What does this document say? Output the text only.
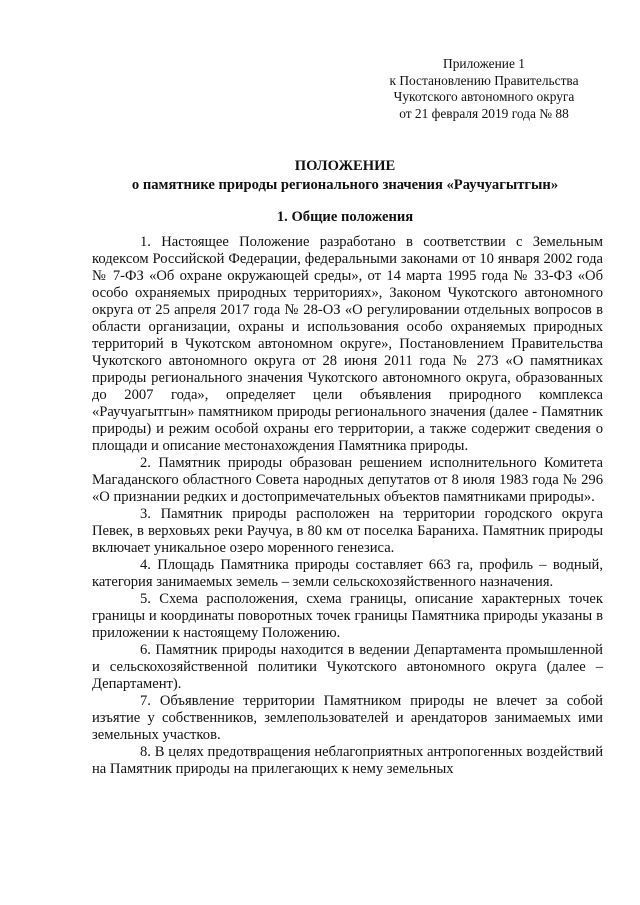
Приложение 1
к Постановлению Правительства
Чукотского автономного округа
от 21 февраля 2019 года № 88
ПОЛОЖЕНИЕ
о памятнике природы регионального значения «Раучуагытгын»
1. Общие положения

1. Настоящее Положение разработано в соответствии с Земельным кодексом Российской Федерации, федеральными законами от 10 января 2002 года № 7-ФЗ «Об охране окружающей среды», от 14 марта 1995 года № 33-ФЗ «Об особо охраняемых природных территориях», Законом Чукотского автономного округа от 25 апреля 2017 года № 28-ОЗ «О регулировании отдельных вопросов в области организации, охраны и использования особо охраняемых природных территорий в Чукотском автономном округе», Постановлением Правительства Чукотского автономного округа от 28 июня 2011 года № 273 «О памятниках природы регионального значения Чукотского автономного округа, образованных до 2007 года», определяет цели объявления природного комплекса «Раучуагытгын» памятником природы регионального значения (далее - Памятник природы) и режим особой охраны его территории, а также содержит сведения о площади и описание местонахождения Памятника природы.

2. Памятник природы образован решением исполнительного Комитета Магаданского областного Совета народных депутатов от 8 июля 1983 года № 296 «О признании редких и достопримечательных объектов памятниками природы».

3. Памятник природы расположен на территории городского округа Певек, в верховьях реки Раучуа, в 80 км от поселка Бараниха. Памятник природы включает уникальное озеро моренного генезиса.

4. Площадь Памятника природы составляет 663 га, профиль – водный, категория занимаемых земель – земли сельскохозяйственного назначения.

5. Схема расположения, схема границы, описание характерных точек границы и координаты поворотных точек границы Памятника природы указаны в приложении к настоящему Положению.

6. Памятник природы находится в ведении Департамента промышленной и сельскохозяйственной политики Чукотского автономного округа (далее – Департамент).

7. Объявление территории Памятником природы не влечет за собой изъятие у собственников, землепользователей и арендаторов занимаемых ими земельных участков.

8. В целях предотвращения неблагоприятных антропогенных воздействий на Памятник природы на прилегающих к нему земельных
